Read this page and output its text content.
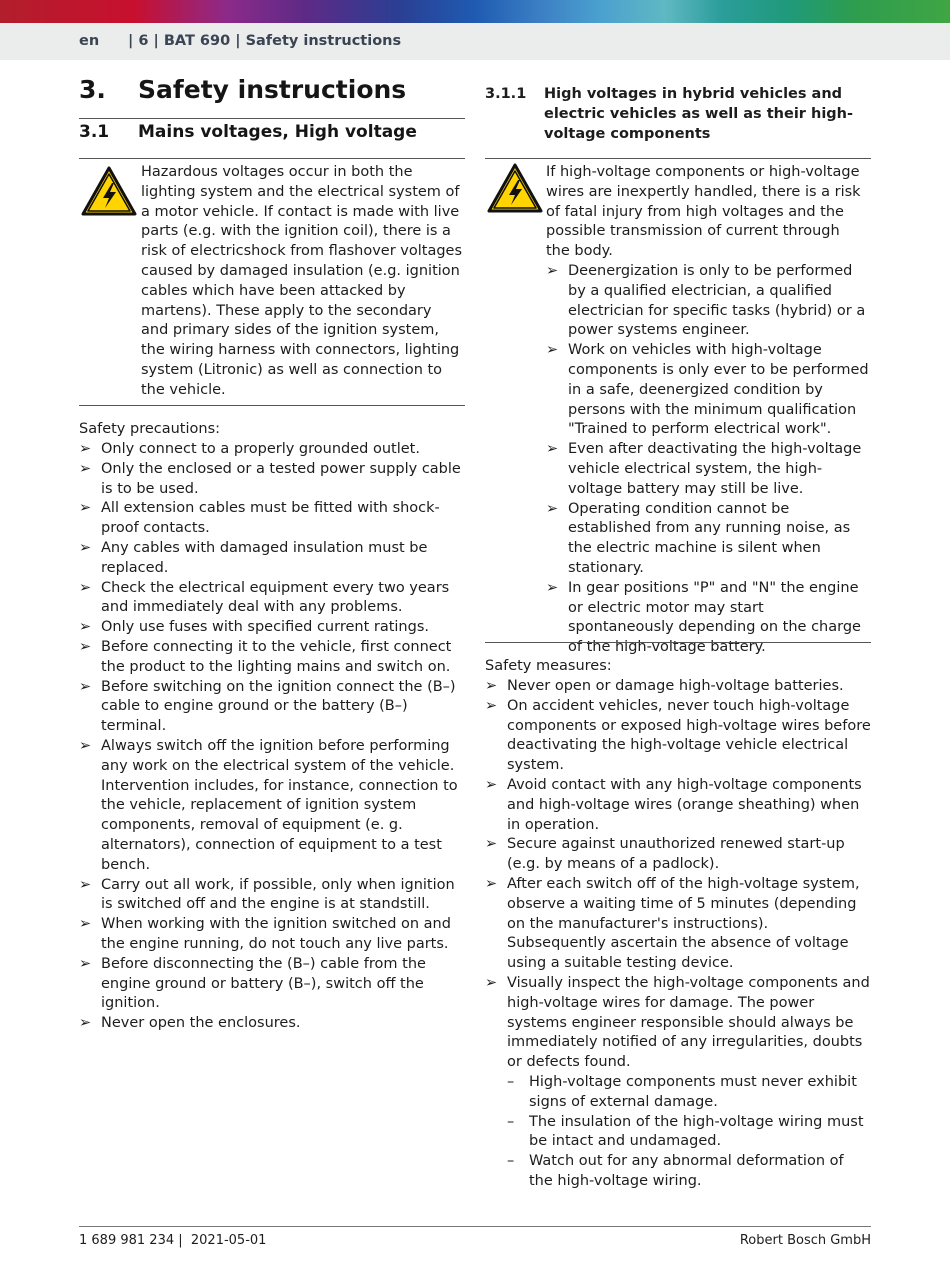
en | 6 | BAT 690 | Safety instructions
3. Safety instructions
3.1 Mains voltages, High voltage
Hazardous voltages occur in both the lighting system and the electrical system of a motor vehicle. If contact is made with live parts (e.g. with the ignition coil), there is a risk of electricshock from flashover voltages caused by damaged insulation (e.g. ignition cables which have been attacked by martens). These apply to the secondary and primary sides of the ignition system, the wiring harness with connectors, lighting system (Litronic) as well as connection to the vehicle.
Safety precautions:
➢ Only connect to a properly grounded outlet.
➢ Only the enclosed or a tested power supply cable is to be used.
➢ All extension cables must be fitted with shock-proof contacts.
➢ Any cables with damaged insulation must be replaced.
➢ Check the electrical equipment every two years and immediately deal with any problems.
➢ Only use fuses with specified current ratings.
➢ Before connecting it to the vehicle, first connect the product to the lighting mains and switch on.
➢ Before switching on the ignition connect the (B–) cable to engine ground or the battery (B–) terminal.
➢ Always switch off the ignition before performing any work on the electrical system of the vehicle. Intervention includes, for instance, connection to the vehicle, replacement of ignition system components, removal of equipment (e. g. alternators), connection of equipment to a test bench.
➢ Carry out all work, if possible, only when ignition is switched off and the engine is at standstill.
➢ When working with the ignition switched on and the engine running, do not touch any live parts.
➢ Before disconnecting the (B–) cable from the engine ground or battery (B–), switch off the ignition.
➢ Never open the enclosures.
3.1.1 High voltages in hybrid vehicles and electric vehicles as well as their high-voltage components
If high-voltage components or high-voltage wires are inexpertly handled, there is a risk of fatal injury from high voltages and the possible transmission of current through the body.
➢ Deenergization is only to be performed by a qualified electrician, a qualified electrician for specific tasks (hybrid) or a power systems engineer.
➢ Work on vehicles with high-voltage components is only ever to be performed in a safe, deenergized condition by persons with the minimum qualification "Trained to perform electrical work".
➢ Even after deactivating the high-voltage vehicle electrical system, the high-voltage battery may still be live.
➢ Operating condition cannot be established from any running noise, as the electric machine is silent when stationary.
➢ In gear positions "P" and "N" the engine or electric motor may start spontaneously depending on the charge of the high-voltage battery.
Safety measures:
➢ Never open or damage high-voltage batteries.
➢ On accident vehicles, never touch high-voltage components or exposed high-voltage wires before deactivating the high-voltage vehicle electrical system.
➢ Avoid contact with any high-voltage components and high-voltage wires (orange sheathing) when in operation.
➢ Secure against unauthorized renewed start-up (e.g. by means of a padlock).
➢ After each switch off of the high-voltage system, observe a waiting time of 5 minutes (depending on the manufacturer's instructions). Subsequently ascertain the absence of voltage using a suitable testing device.
➢ Visually inspect the high-voltage components and high-voltage wires for damage. The power systems engineer responsible should always be immediately notified of any irregularities, doubts or defects found.
– High-voltage components must never exhibit signs of external damage.
– The insulation of the high-voltage wiring must be intact and undamaged.
– Watch out for any abnormal deformation of the high-voltage wiring.
1 689 981 234 | 2021-05-01	Robert Bosch GmbH
